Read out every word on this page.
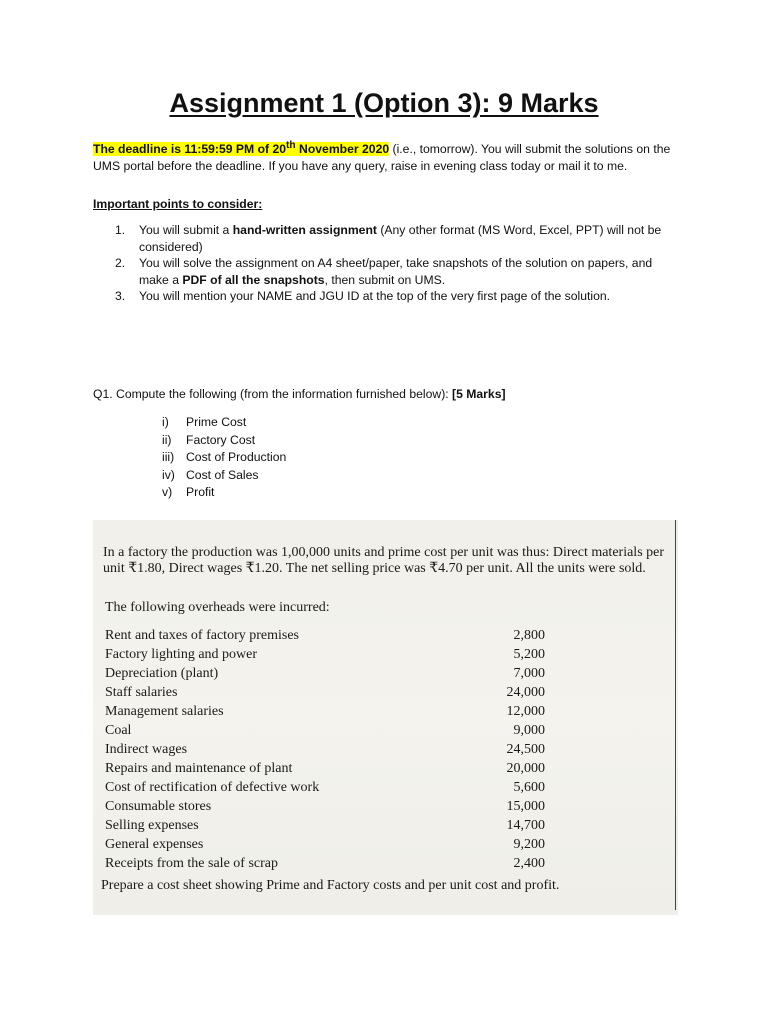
Assignment 1 (Option 3): 9 Marks
The deadline is 11:59:59 PM of 20th November 2020 (i.e., tomorrow). You will submit the solutions on the UMS portal before the deadline. If you have any query, raise in evening class today or mail it to me.
Important points to consider:
1. You will submit a hand-written assignment (Any other format (MS Word, Excel, PPT) will not be considered)
2. You will solve the assignment on A4 sheet/paper, take snapshots of the solution on papers, and make a PDF of all the snapshots, then submit on UMS.
3. You will mention your NAME and JGU ID at the top of the very first page of the solution.
Q1. Compute the following (from the information furnished below): [5 Marks]
i) Prime Cost
ii) Factory Cost
iii) Cost of Production
iv) Cost of Sales
v) Profit
In a factory the production was 1,00,000 units and prime cost per unit was thus: Direct materials per unit ₹1.80, Direct wages ₹1.20. The net selling price was ₹4.70 per unit. All the units were sold.
The following overheads were incurred:
Rent and taxes of factory premises	2,800
Factory lighting and power	5,200
Depreciation (plant)	7,000
Staff salaries	24,000
Management salaries	12,000
Coal	9,000
Indirect wages	24,500
Repairs and maintenance of plant	20,000
Cost of rectification of defective work	5,600
Consumable stores	15,000
Selling expenses	14,700
General expenses	9,200
Receipts from the sale of scrap	2,400
Prepare a cost sheet showing Prime and Factory costs and per unit cost and profit.
